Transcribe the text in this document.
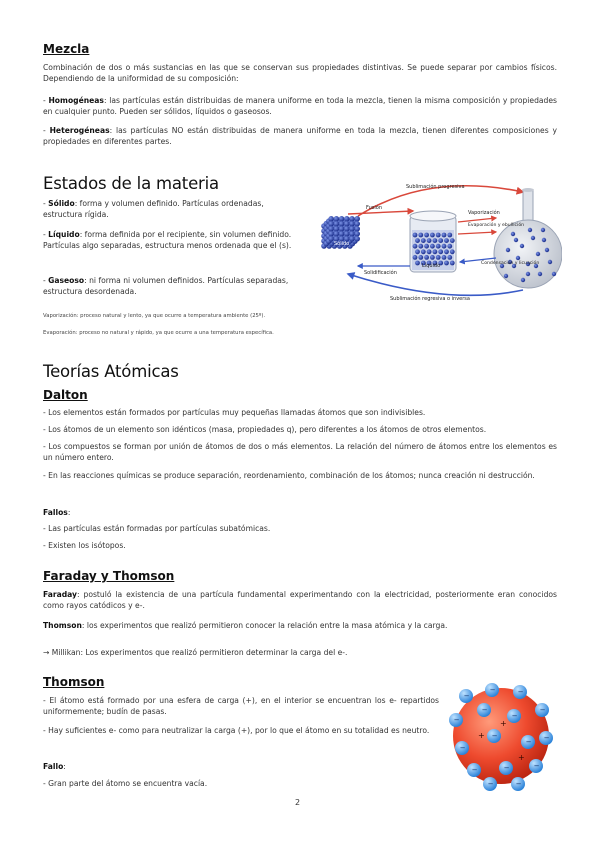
Mezcla
Combinación de dos o más sustancias en las que se conservan sus propiedades distintivas. Se puede separar por cambios físicos. Dependiendo de la uniformidad de su composición:
- Homogéneas: las partículas están distribuidas de manera uniforme en toda la mezcla, tienen la misma composición y propiedades en cualquier punto. Pueden ser sólidos, líquidos o gaseosos.
- Heterogéneas: las partículas NO están distribuidas de manera uniforme en toda la mezcla, tienen diferentes composiciones y propiedades en diferentes partes.
Estados de la materia
- Sólido: forma y volumen definido. Partículas ordenadas, estructura rígida.
- Líquido: forma definida por el recipiente, sin volumen definido. Partículas algo separadas, estructura menos ordenada que el (s).
- Gaseoso: ni forma ni volumen definidos. Partículas separadas, estructura desordenada.
Vaporización: proceso natural y lento, ya que ocurre a temperatura ambiente (25º).
Evaporación: proceso no natural y rápido, ya que ocurre a una temperatura específica.
Sublimación progresiva
Fusión
Sólido
Líquido
Vaporización
Evaporación y ebullición
Condensación y licuación
Solidificación
Sublimación regresiva o inversa
Teorías Atómicas
Dalton
- Los elementos están formados por partículas muy pequeñas llamadas átomos que son indivisibles.
- Los átomos de un elemento son idénticos (masa, propiedades q), pero diferentes a los átomos de otros elementos.
- Los compuestos se forman por unión de átomos de dos o más elementos. La relación del número de átomos entre los elementos es un número entero.
- En las reacciones químicas se produce separación, reordenamiento, combinación de los átomos; nunca creación ni destrucción.
Fallos:
- Las partículas están formadas por partículas subatómicas.
- Existen los isótopos.
Faraday y Thomson
Faraday: postuló la existencia de una partícula fundamental experimentando con la electricidad, posteriormente eran conocidos como rayos catódicos y e-.
Thomson: los experimentos que realizó permitieron conocer la relación entre la masa atómica y la carga.
→ Millikan: Los experimentos que realizó permitieron determinar la carga del e-.
Thomson
- El átomo está formado por una esfera de carga (+), en el interior se encuentran los e- repartidos uniformemente; budín de pasas.
- Hay suficientes e- como para neutralizar la carga (+), por lo que el átomo en su totalidad es neutro.
Fallo:
- Gran parte del átomo se encuentra vacía.
−
−	−
−
−
−
−
−
−
−
−
−	−	−
−	−
+
+
+
2
